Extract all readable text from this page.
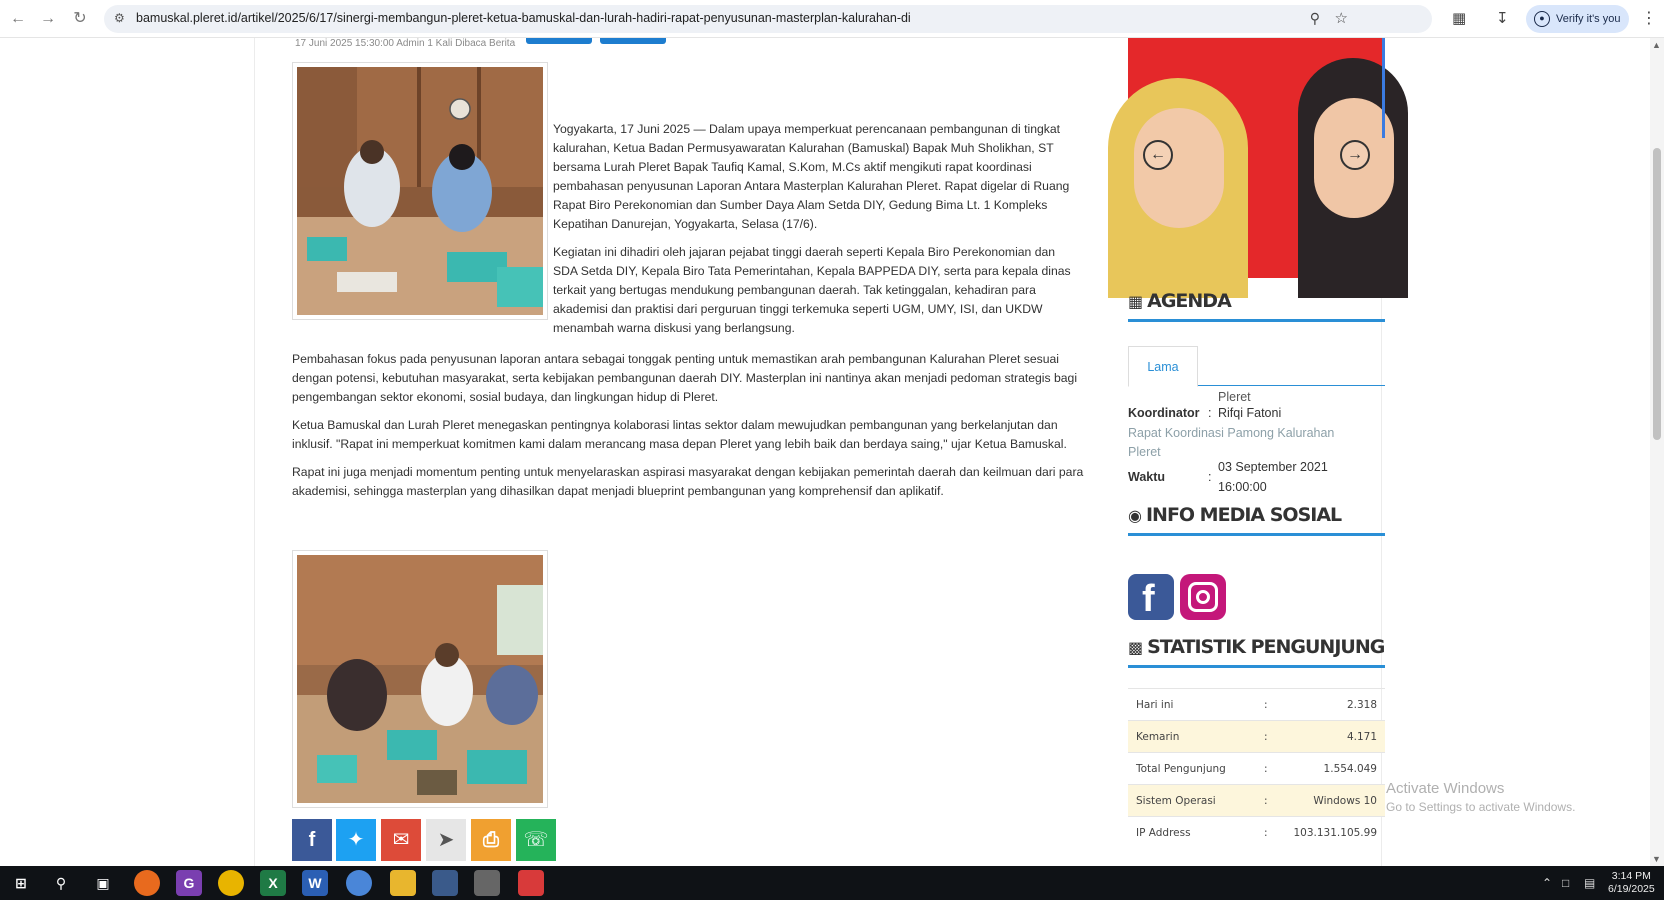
← → ↻ ⚙ bamuskal.pleret.id/artikel/2025/6/17/sinergi-membangun-pleret-ketua-bamuskal-dan-lurah-hadiri-rapat-penyusunan-masterplan-kalurahan-di	⚲ ☆	▦ ↧	●	Verify it's you	⋮
17 Juni 2025 15:30:00 Admin 1 Kali Dibaca Berita

Yogyakarta, 17 Juni 2025 — Dalam upaya memperkuat perencanaan pembangunan di tingkat kalurahan, Ketua Badan Permusyawaratan Kalurahan (Bamuskal) Bapak Muh Sholikhan, ST bersama Lurah Pleret Bapak Taufiq Kamal, S.Kom, M.Cs aktif mengikuti rapat koordinasi pembahasan penyusunan Laporan Antara Masterplan Kalurahan Pleret. Rapat digelar di Ruang Rapat Biro Perekonomian dan Sumber Daya Alam Setda DIY, Gedung Bima Lt. 1 Kompleks Kepatihan Danurejan, Yogyakarta, Selasa (17/6).

Kegiatan ini dihadiri oleh jajaran pejabat tinggi daerah seperti Kepala Biro Perekonomian dan SDA Setda DIY, Kepala Biro Tata Pemerintahan, Kepala BAPPEDA DIY, serta para kepala dinas terkait yang bertugas mendukung pembangunan daerah. Tak ketinggalan, kehadiran para akademisi dan praktisi dari perguruan tinggi terkemuka seperti UGM, UMY, ISI, dan UKDW menambah warna diskusi yang berlangsung.

Pembahasan fokus pada penyusunan laporan antara sebagai tonggak penting untuk memastikan arah pembangunan Kalurahan Pleret sesuai dengan potensi, kebutuhan masyarakat, serta kebijakan pembangunan daerah DIY. Masterplan ini nantinya akan menjadi pedoman strategis bagi pengembangan sektor ekonomi, sosial budaya, dan lingkungan hidup di Pleret.

Ketua Bamuskal dan Lurah Pleret menegaskan pentingnya kolaborasi lintas sektor dalam mewujudkan pembangunan yang berkelanjutan dan inklusif. "Rapat ini memperkuat komitmen kami dalam merancang masa depan Pleret yang lebih baik dan berdaya saing," ujar Ketua Bamuskal.

Rapat ini juga menjadi momentum penting untuk menyelaraskan aspirasi masyarakat dengan kebijakan pemerintah daerah dan keilmuan dari para akademisi, sehingga masterplan yang dihasilkan dapat menjadi blueprint pembangunan yang komprehensif dan aplikatif.

f	✦	✉	➤	⎙	☏
←	→
▦ AGENDA
Lama
Pleret
Koordinator : Rifqi Fatoni
Rapat Koordinasi Pamong Kalurahan Pleret
Waktu	:
03 September 2021
16:00:00
◉ INFO MEDIA SOSIAL
f
▩ STATISTIK PENGUNJUNG
Hari ini	:	2.318
Kemarin	:	4.171
Total Pengunjung	:	1.554.049
Sistem Operasi	:	Windows 10
IP Address	: 103.131.105.99
Activate Windows
Go to Settings to activate Windows.
▲
▼
⊞	⚲	▣	G	X	W	⌃ □ ▤	3:14 PM
6/19/2025
